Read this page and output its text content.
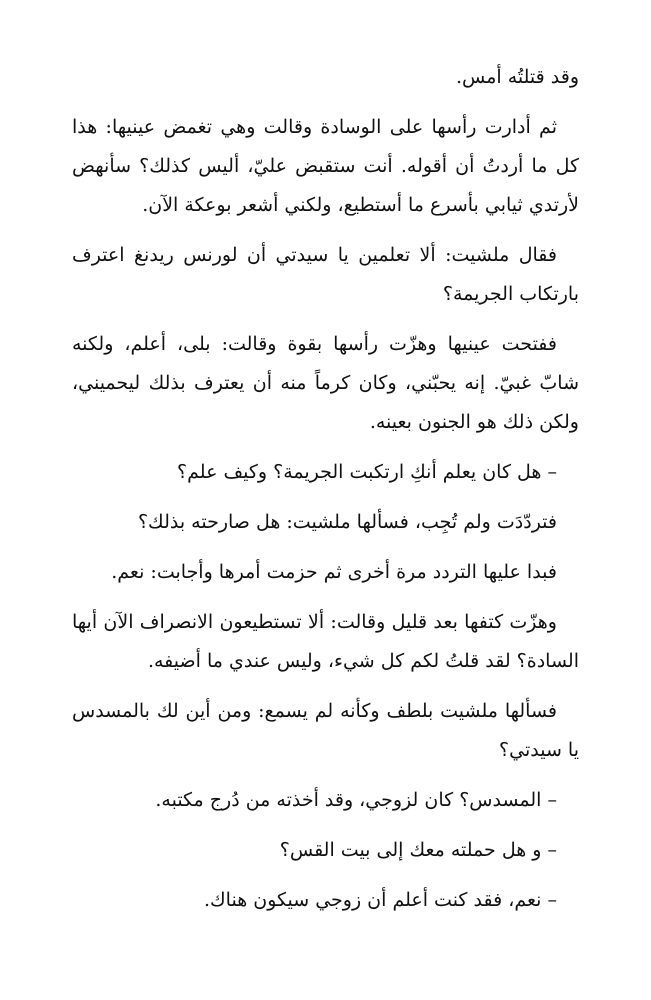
وقد قتلتُه أمس.

ثم أدارت رأسها على الوسادة وقالت وهي تغمض عينيها: هذا كل ما أردتُ أن أقوله. أنت ستقبض عليّ، أليس كذلك؟ سأنهض لأرتدي ثيابي بأسرع ما أستطيع، ولكني أشعر بوعكة الآن.

فقال ملشيت: ألا تعلمين يا سيدتي أن لورنس ريدنغ اعترف بارتكاب الجريمة؟

ففتحت عينيها وهزّت رأسها بقوة وقالت: بلى، أعلم، ولكنه شابّ غبيّ. إنه يحبّني، وكان كرماً منه أن يعترف بذلك ليحميني، ولكن ذلك هو الجنون بعينه.

– هل كان يعلم أنكِ ارتكبت الجريمة؟ وكيف علم؟

فتردّدَت ولم تُجِب، فسألها ملشيت: هل صارحته بذلك؟

فبدا عليها التردد مرة أخرى ثم حزمت أمرها وأجابت: نعم.

وهزّت كتفها بعد قليل وقالت: ألا تستطيعون الانصراف الآن أيها السادة؟ لقد قلتُ لكم كل شيء، وليس عندي ما أضيفه.

فسألها ملشيت بلطف وكأنه لم يسمع: ومن أين لك بالمسدس يا سيدتي؟

– المسدس؟ كان لزوجي، وقد أخذته من دُرج مكتبه.

– و هل حملته معك إلى بيت القس؟

– نعم، فقد كنت أعلم أن زوجي سيكون هناك.
